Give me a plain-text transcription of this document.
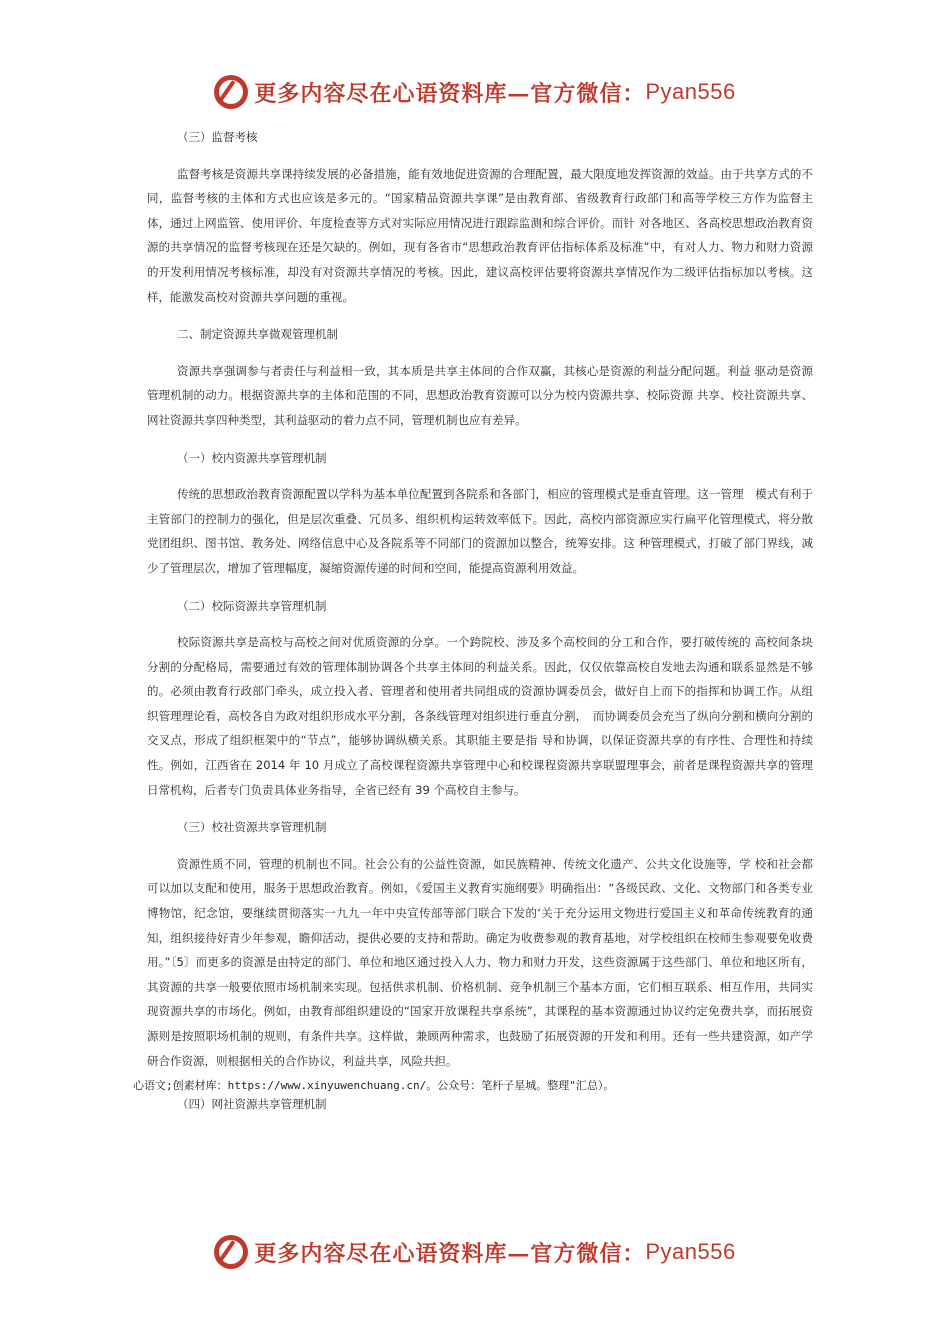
更多内容尽在心语资料库—官方微信： Pyan556

（三）监督考核

监督考核是资源共享课持续发展的必备措施，能有效地促进资源的合理配置，最大限度地发挥资源的效益。由于共享方式的不同，监督考核的主体和方式也应该是多元的。“国家精品资源共享课”是由教育部、省级教育行政部门和高等学校三方作为监督主体，通过上网监管、使用评价、年度检查等方式对实际应用情况进行跟踪监测和综合评价。而针 对各地区、各高校思想政治教育资源的共享情况的监督考核现在还是欠缺的。例如，现有各省市“思想政治教育评估指标体系及标准”中，有对人力、物力和财力资源的开发利用情况考核标准，却没有对资源共享情况的考核。因此，建议高校评估要将资源共享情况作为二级评估指标加以考核。这样，能激发高校对资源共享问题的重视。

二、制定资源共享微观管理机制

资源共享强调参与者责任与利益相一致，其本质是共享主体间的合作双赢，其核心是资源的利益分配问题。利益 驱动是资源管理机制的动力。根据资源共享的主体和范围的不同，思想政治教育资源可以分为校内资源共享、校际资源 共享、校社资源共享、网社资源共享四种类型，其利益驱动的着力点不同，管理机制也应有差异。

（一）校内资源共享管理机制

传统的思想政治教育资源配置以学科为基本单位配置到各院系和各部门，相应的管理模式是垂直管理。这一管理　模式有利于主管部门的控制力的强化，但是层次重叠、冗员多、组织机构运转效率低下。因此，高校内部资源应实行扁平化管理模式，将分散党团组织、图书馆、教务处、网络信息中心及各院系等不同部门的资源加以整合，统筹安排。这 种管理模式，打破了部门界线，减少了管理层次，增加了管理幅度，凝缩资源传递的时间和空间，能提高资源利用效益。

（二）校际资源共享管理机制

校际资源共享是高校与高校之间对优质资源的分享。一个跨院校、涉及多个高校间的分工和合作，要打破传统的 高校间条块分割的分配格局，需要通过有效的管理体制协调各个共享主体间的利益关系。因此，仅仅依靠高校自发地去沟通和联系显然是不够的。必须由教育行政部门牵头，成立投入者、管理者和使用者共同组成的资源协调委员会，做好自上而下的指挥和协调工作。从组织管理理论看，高校各自为政对组织形成水平分割，各条线管理对组织进行垂直分割，　而协调委员会充当了纵向分割和横向分割的交叉点，形成了组织框架中的“节点”，能够协调纵横关系。其职能主要是指 导和协调，以保证资源共享的有序性、合理性和持续性。例如，江西省在 2014 年 10 月成立了高校课程资源共享管理中心和校课程资源共享联盟理事会，前者是课程资源共享的管理日常机构，后者专门负责具体业务指导，全省已经有 39 个高校自主参与。

（三）校社资源共享管理机制

资源性质不同，管理的机制也不同。社会公有的公益性资源，如民族精神、传统文化遗产、公共文化设施等，学 校和社会都可以加以支配和使用，服务于思想政治教育。例如，《爱国主义教育实施纲要》明确指出：“各级民政、文化、文物部门和各类专业博物馆，纪念馆，要继续贯彻落实一九九一年中央宣传部等部门联合下发的‘关于充分运用文物进行爱国主义和革命传统教育的通知，组织接待好青少年参观，瞻仰活动，提供必要的支持和帮助。确定为收费参观的教育基地，对学校组织在校师生参观要免收费用。”〔5〕而更多的资源是由特定的部门、单位和地区通过投入人力、物力和财力开发，这些资源属于这些部门、单位和地区所有，其资源的共享一般要依照市场机制来实现。包括供求机制、价格机制、竞争机制三个基本方面，它们相互联系、相互作用，共同实现资源共享的市场化。例如，由教育部组织建设的“国家开放课程共享系统”，其课程的基本资源通过协议约定免费共享，而拓展资源则是按照职场机制的规则，有条件共享。这样做，兼顾两种需求，也鼓励了拓展资源的开发和利用。还有一些共建资源，如产学研合作资源，则根据相关的合作协议，利益共享，风险共担。

心语文;创素材库：https://www.xinyuwenchuang.cn/。公众号：笔杆子星城。整理"汇总）。

（四）网社资源共享管理机制

更多内容尽在心语资料库—官方微信： Pyan556
